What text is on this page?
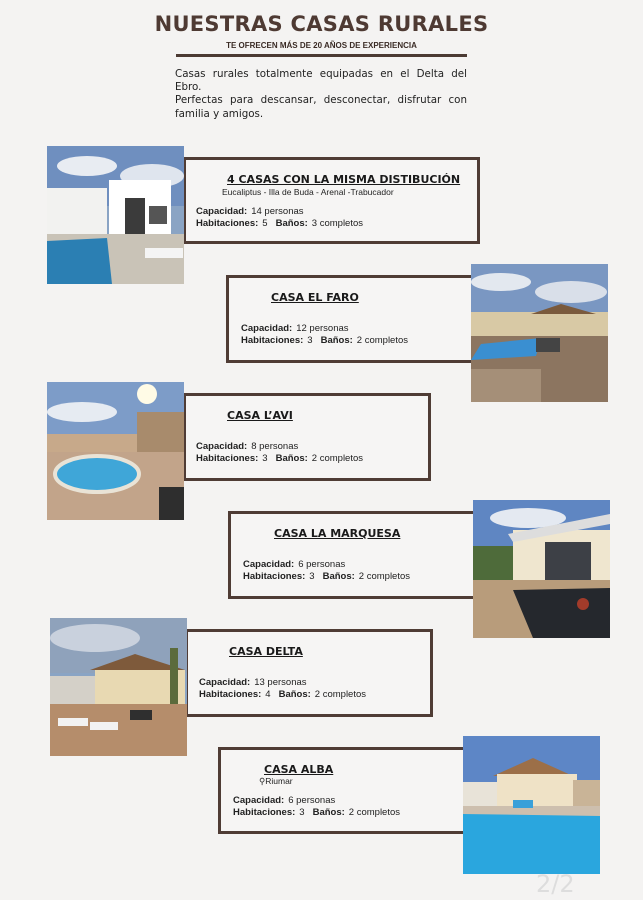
NUESTRAS CASAS RURALES
TE OFRECEN MÁS DE 20 AÑOS DE EXPERIENCIA

Casas rurales totalmente equipadas en el Delta del Ebro.

Perfectas para descansar, desconectar, disfrutar con familia y amigos.

4 CASAS CON LA MISMA DISTIBUCIÓN
Eucaliptus - Illa de Buda - Arenal -Trabucador
Capacidad: 14 personas
Habitaciones: 5 Baños: 3 completos
CASA EL FARO
Capacidad: 12 personas
Habitaciones: 3 Baños: 2 completos
CASA L’AVI
Capacidad: 8 personas
Habitaciones: 3 Baños: 2 completos
CASA LA MARQUESA
Capacidad: 6 personas
Habitaciones: 3 Baños: 2 completos
CASA DELTA
Capacidad: 13 personas
Habitaciones: 4 Baños: 2 completos
CASA ALBA
⚲Riumar
Capacidad: 6 personas
Habitaciones: 3 Baños: 2 completos
2/2
